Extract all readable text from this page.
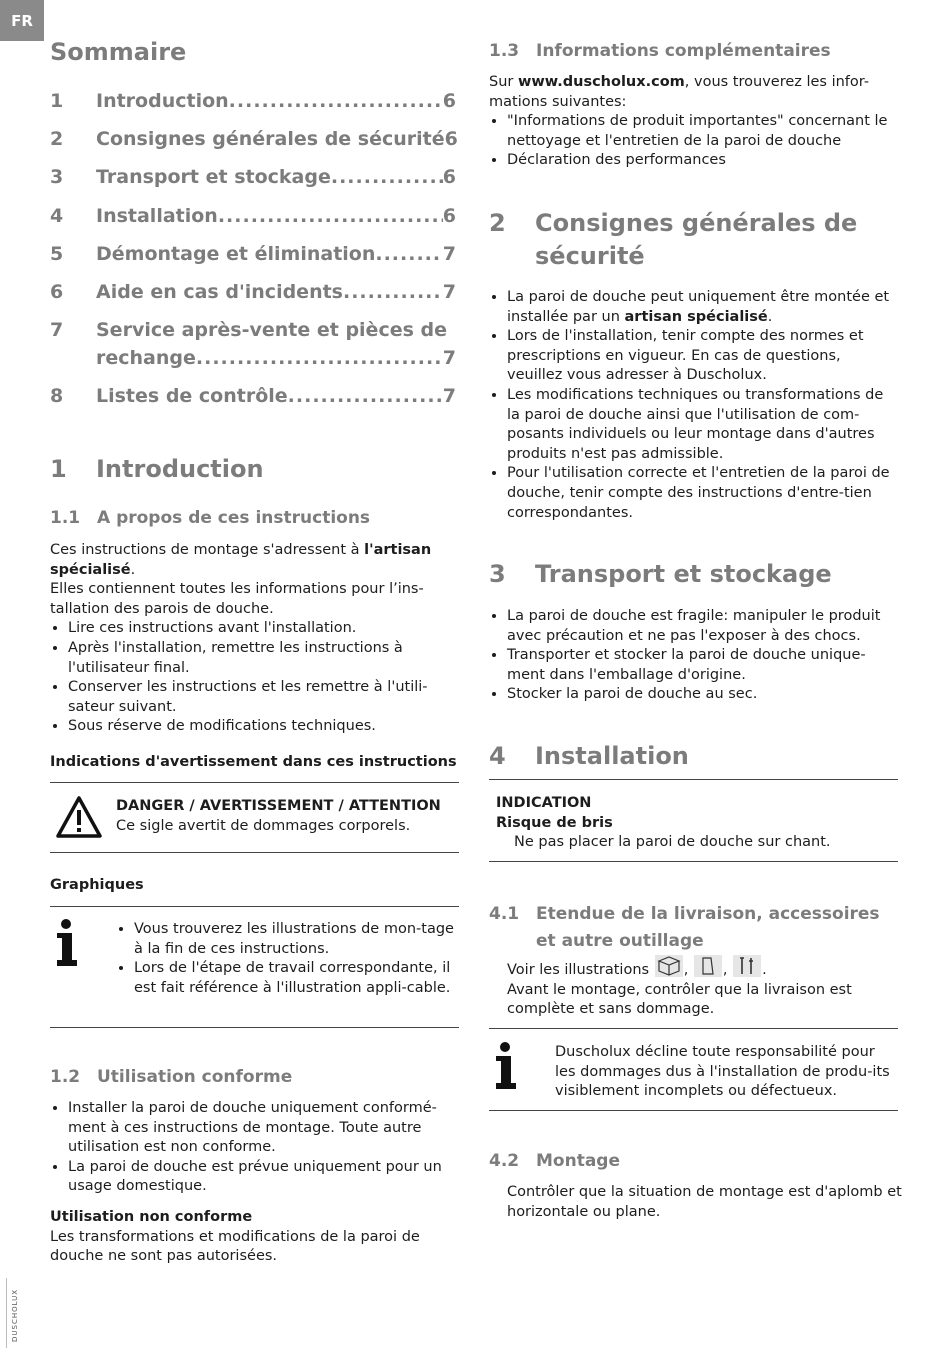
FR
DUSCHOLUX
Sommaire
1 Introduction .....	6
2 Consignes générales de sécurité 6
3 Transport et stockage .....	6
4 Installation .....	6
5 Démontage et élimination .....	7
6 Aide en cas d'incidents .....	7
7 Service après-vente et pièces de
rechange .....	7
8 Listes de contrôle .....	7
1 Introduction
1.1 A propos de ces instructions
Ces instructions de montage s'adressent à l'artisan
spécialisé.
Elles contiennent toutes les informations pour l’ins-tallation des parois de douche.
• Lire ces instructions avant l'installation.
• Après l'installation, remettre les instructions à l'utilisateur final.
• Conserver les instructions et les remettre à l'utili-sateur suivant.
• Sous réserve de modifications techniques.
Indications d'avertissement dans ces instructions
DANGER / AVERTISSEMENT / ATTENTION
Ce sigle avertit de dommages corporels.
Graphiques
• Vous trouverez les illustrations de mon-tage à la fin de ces instructions.
• Lors de l'étape de travail correspondante, il est fait référence à l'illustration appli-cable.
1.2 Utilisation conforme
• Installer la paroi de douche uniquement conformé-ment à ces instructions de montage. Toute autre utilisation est non conforme.
• La paroi de douche est prévue uniquement pour un usage domestique.
Utilisation non conforme
Les transformations et modifications de la paroi de douche ne sont pas autorisées.
1.3 Informations complémentaires
Sur www.duscholux.com, vous trouverez les infor-mations suivantes:
• "Informations de produit importantes" concernant le nettoyage et l'entretien de la paroi de douche
• Déclaration des performances
2 Consignes générales de
sécurité
• La paroi de douche peut uniquement être montée et installée par un artisan spécialisé.
• Lors de l'installation, tenir compte des normes et prescriptions en vigueur. En cas de questions, veuillez vous adresser à Duscholux.
• Les modifications techniques ou transformations de la paroi de douche ainsi que l'utilisation de com-posants individuels ou leur montage dans d'autres produits n'est pas admissible.
• Pour l'utilisation correcte et l'entretien de la paroi de douche, tenir compte des instructions d'entre-tien correspondantes.
3 Transport et stockage
• La paroi de douche est fragile: manipuler le produit avec précaution et ne pas l'exposer à des chocs.
• Transporter et stocker la paroi de douche unique-ment dans l'emballage d'origine.
• Stocker la paroi de douche au sec.
4 Installation
INDICATION
Risque de bris
Ne pas placer la paroi de douche sur chant.
4.1 Etendue de la livraison, accessoires
et autre outillage
Voir les illustrations , , .
Avant le montage, contrôler que la livraison est complète et sans dommage.
Duscholux décline toute responsabilité pour les dommages dus à l'installation de produ-its visiblement incomplets ou défectueux.
4.2 Montage
Contrôler que la situation de montage est d'aplomb et horizontale ou plane.
